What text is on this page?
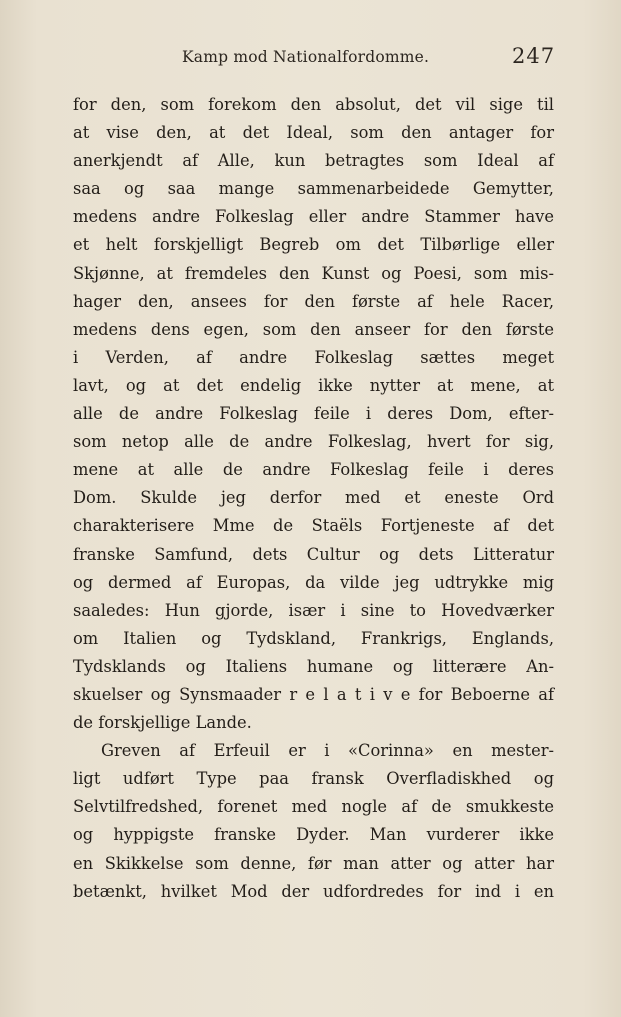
Kamp mod Nationalfordomme.	247
for den, som forekom den absolut, det vil sige til
at vise den, at det Ideal, som den antager for
anerkjendt af Alle, kun betragtes som Ideal af
saa og saa mange sammenarbeidede Gemytter,
medens andre Folkeslag eller andre Stammer have
et helt forskjelligt Begreb om det Tilbørlige eller
Skjønne, at fremdeles den Kunst og Poesi, som mis-
hager den, ansees for den første af hele Racer,
medens dens egen, som den anseer for den første
i Verden, af andre Folkeslag sættes meget
lavt, og at det endelig ikke nytter at mene, at
alle de andre Folkeslag feile i deres Dom, efter-
som netop alle de andre Folkeslag, hvert for sig,
mene at alle de andre Folkeslag feile i deres
Dom. Skulde jeg derfor med et eneste Ord
charakterisere Mme de Staëls Fortjeneste af det
franske Samfund, dets Cultur og dets Litteratur
og dermed af Europas, da vilde jeg udtrykke mig
saaledes: Hun gjorde, især i sine to Hovedværker
om Italien og Tydskland, Frankrigs, Englands,
Tydsklands og Italiens humane og litterære An-
skuelser og Synsmaader r e l a t i v e for Beboerne af
de forskjellige Lande.
Greven af Erfeuil er i «Corinna» en mester-
ligt udført Type paa fransk Overfladiskhed og
Selvtilfredshed, forenet med nogle af de smukkeste
og hyppigste franske Dyder. Man vurderer ikke
en Skikkelse som denne, før man atter og atter har
betænkt, hvilket Mod der udfordredes for ind i en
